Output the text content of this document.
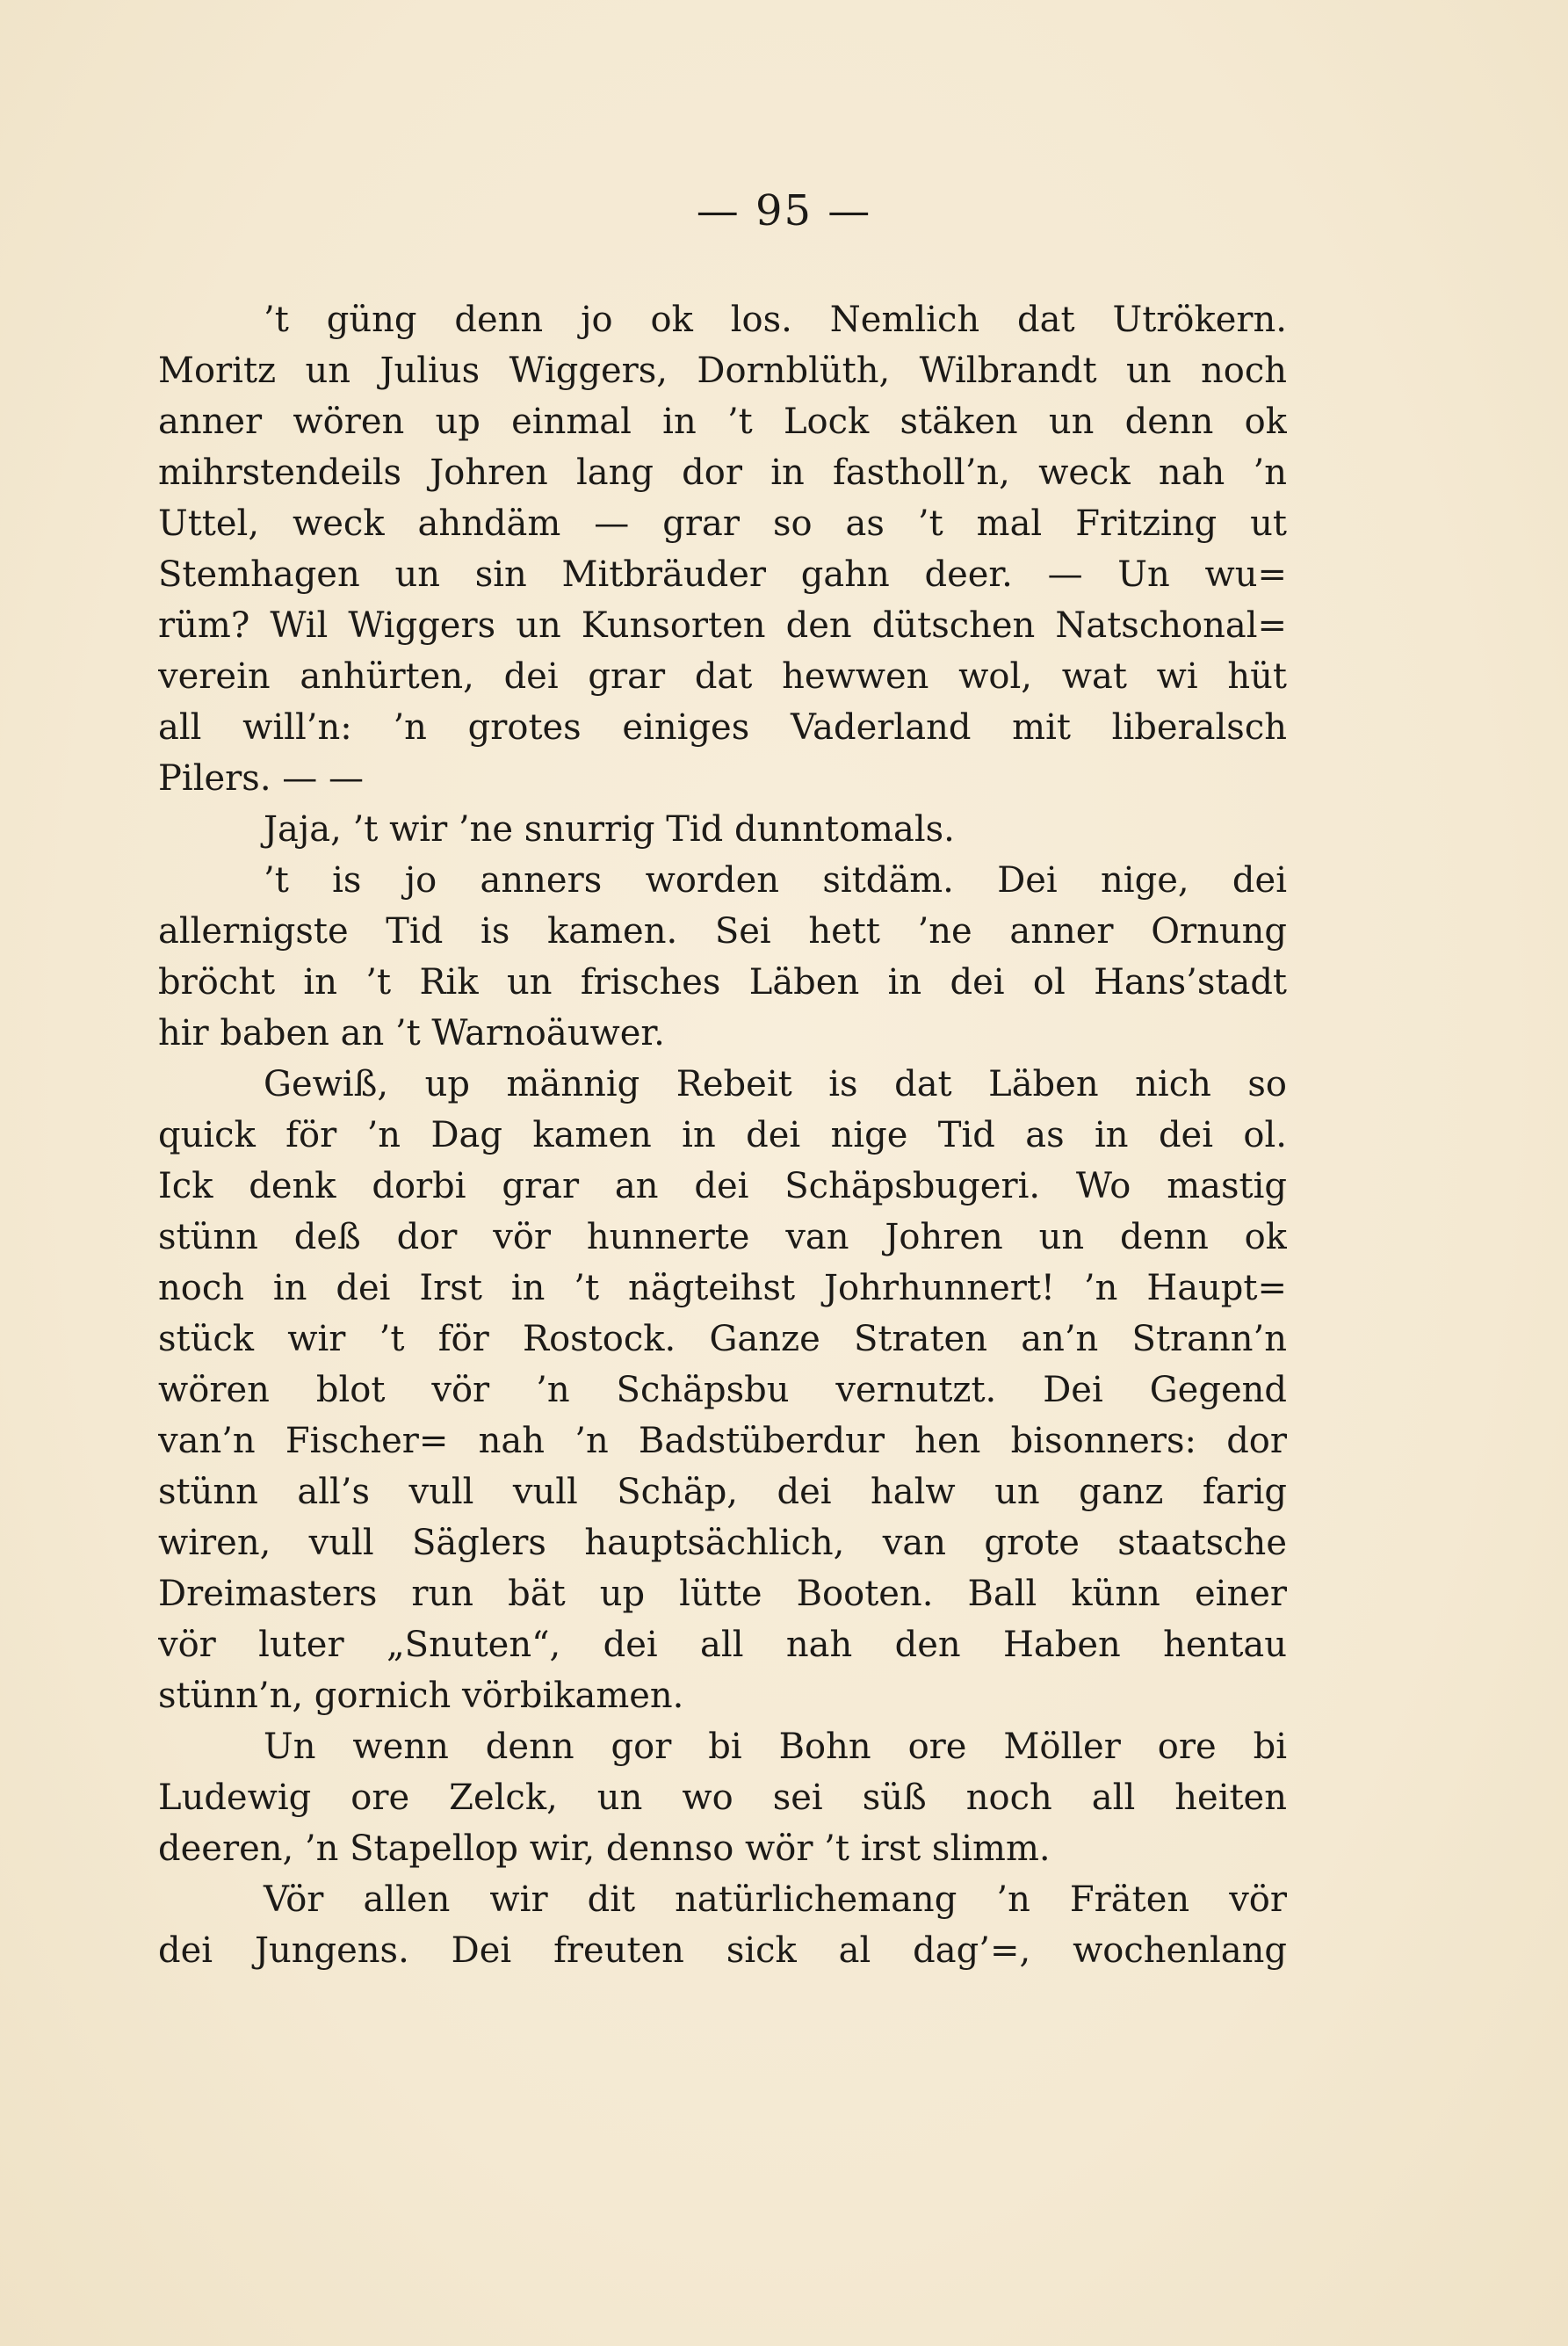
— 95 —
’t güng denn jo ok los. Nemlich dat Utrökern.
Moritz un Julius Wiggers, Dornblüth, Wilbrandt un noch
anner wören up einmal in ’t Lock stäken un denn ok
mihrstendeils Johren lang dor in fastholl’n, weck nah ’n
Uttel, weck ahndäm — grar so as ’t mal Fritzing ut
Stemhagen un sin Mitbräuder gahn deer. — Un wu=
rüm? Wil Wiggers un Kunsorten den dütschen Natschonal=
verein anhürten, dei grar dat hewwen wol, wat wi hüt
all will’n: ’n grotes einiges Vaderland mit liberalsch
Pilers. — —
Jaja, ’t wir ’ne snurrig Tid dunntomals.
’t is jo anners worden sitdäm. Dei nige, dei
allernigste Tid is kamen. Sei hett ’ne anner Ornung
bröcht in ’t Rik un frisches Läben in dei ol Hans’stadt
hir baben an ’t Warnoäuwer.
Gewiß, up männig Rebeit is dat Läben nich so
quick för ’n Dag kamen in dei nige Tid as in dei ol.
Ick denk dorbi grar an dei Schäpsbugeri. Wo mastig
stünn deß dor vör hunnerte van Johren un denn ok
noch in dei Irst in ’t nägteihst Johrhunnert! ’n Haupt=
stück wir ’t för Rostock. Ganze Straten an’n Strann’n
wören blot vör ’n Schäpsbu vernutzt. Dei Gegend
van’n Fischer= nah ’n Badstüberdur hen bisonners: dor
stünn all’s vull vull Schäp, dei halw un ganz farig
wiren, vull Säglers hauptsächlich, van grote staatsche
Dreimasters run bät up lütte Booten. Ball künn einer
vör luter „Snuten“, dei all nah den Haben hentau
stünn’n, gornich vörbikamen.
Un wenn denn gor bi Bohn ore Möller ore bi
Ludewig ore Zelck, un wo sei süß noch all heiten
deeren, ’n Stapellop wir, dennso wör ’t irst slimm.
Vör allen wir dit natürlichemang ’n Fräten vör
dei Jungens. Dei freuten sick al dag’=, wochenlang
